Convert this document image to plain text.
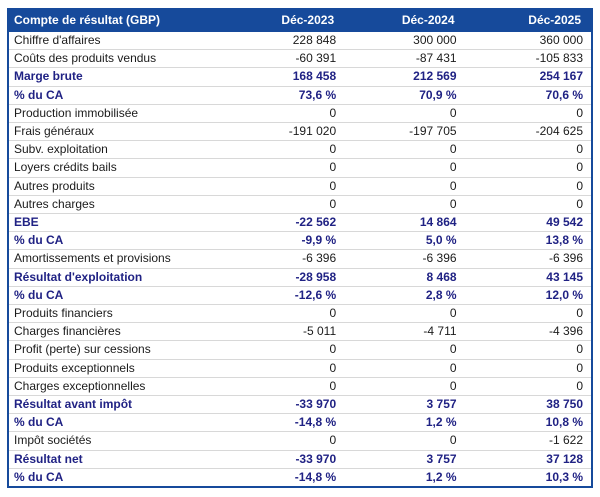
Compte de résultat (GBP)	Déc-2023	Déc-2024	Déc-2025
Chiffre d'affaires	228 848	300 000	360 000
Coûts des produits vendus	-60 391	-87 431	-105 833
Marge brute	168 458	212 569	254 167
% du CA	73,6 %	70,9 %	70,6 %
Production immobilisée	0	0	0
Frais généraux	-191 020	-197 705	-204 625
Subv. exploitation	0	0	0
Loyers crédits bails	0	0	0
Autres produits	0	0	0
Autres charges	0	0	0
EBE	-22 562	14 864	49 542
% du CA	-9,9 %	5,0 %	13,8 %
Amortissements et provisions	-6 396	-6 396	-6 396
Résultat d'exploitation	-28 958	8 468	43 145
% du CA	-12,6 %	2,8 %	12,0 %
Produits financiers	0	0	0
Charges financières	-5 011	-4 711	-4 396
Profit (perte) sur cessions	0	0	0
Produits exceptionnels	0	0	0
Charges exceptionnelles	0	0	0
Résultat avant impôt	-33 970	3 757	38 750
% du CA	-14,8 %	1,2 %	10,8 %
Impôt sociétés	0	0	-1 622
Résultat net	-33 970	3 757	37 128
% du CA	-14,8 %	1,2 %	10,3 %
